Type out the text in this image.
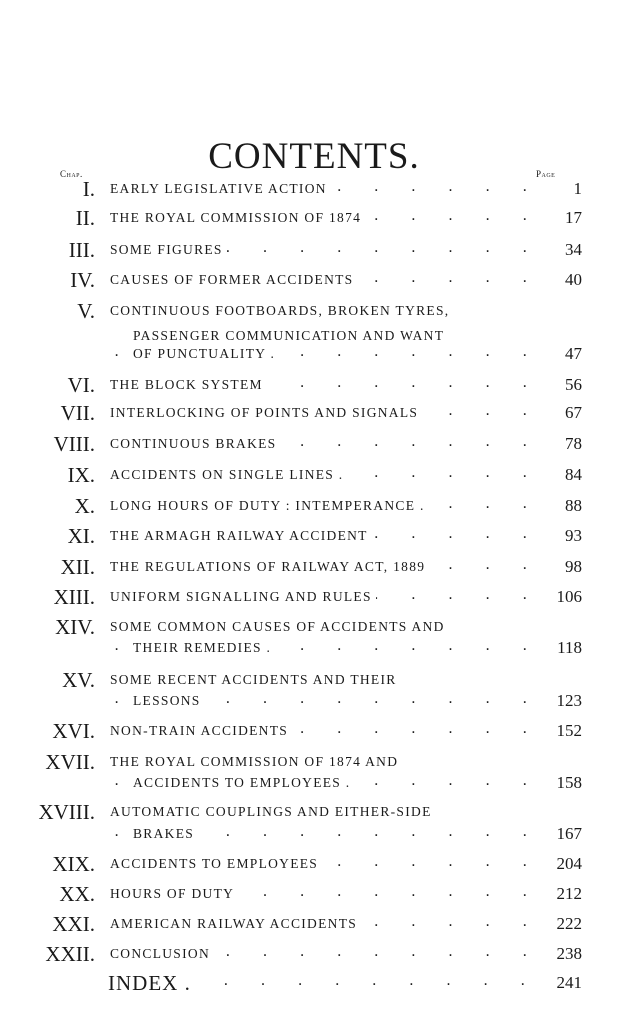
CONTENTS.
Chap.	Page
I. EARLY LEGISLATIVE ACTION .	1
II. THE ROYAL COMMISSION OF 1874 .	17
III. SOME FIGURES .	34
IV. CAUSES OF FORMER ACCIDENTS .	40
V. CONTINUOUS FOOTBOARDS, BROKEN TYRES,
PASSENGER COMMUNICATION AND WANT
OF PUNCTUALITY . .	47
VI. THE BLOCK SYSTEM .	56
VII. INTERLOCKING OF POINTS AND SIGNALS .	67
VIII. CONTINUOUS BRAKES .	78
IX. ACCIDENTS ON SINGLE LINES . .	84
X. LONG HOURS OF DUTY : INTEMPERANCE . .	88
XI. THE ARMAGH RAILWAY ACCIDENT .	93
XII. THE REGULATIONS OF RAILWAY ACT, 1889 .	98
XIII. UNIFORM SIGNALLING AND RULES .	106
XIV. SOME COMMON CAUSES OF ACCIDENTS AND
THEIR REMEDIES . .	118
XV. SOME RECENT ACCIDENTS AND THEIR
LESSONS .	123
XVI. NON-TRAIN ACCIDENTS .	152
XVII. THE ROYAL COMMISSION OF 1874 AND
ACCIDENTS TO EMPLOYEES . .	158
XVIII. AUTOMATIC COUPLINGS AND EITHER-SIDE
BRAKES .	167
XIX. ACCIDENTS TO EMPLOYEES .	204
XX. HOURS OF DUTY .	212
XXI. AMERICAN RAILWAY ACCIDENTS .	222
XXII. CONCLUSION .	238
INDEX . .	241
